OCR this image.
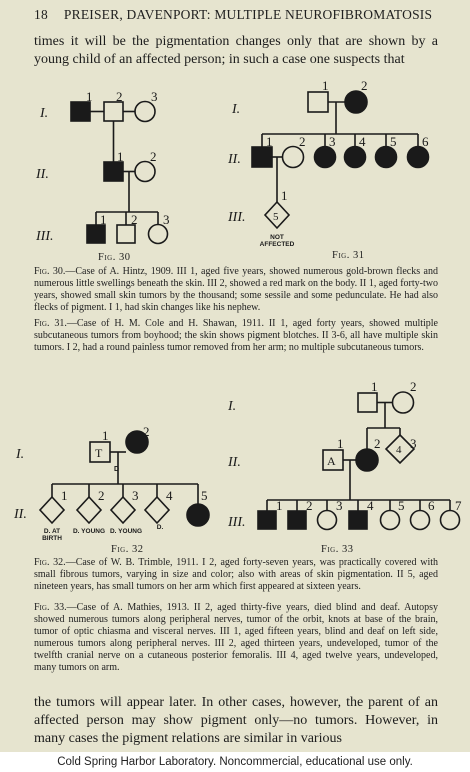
18 PREISER, DAVENPORT: MULTIPLE NEUROFIBROMATOSIS
times it will be the pigmentation changes only that are shown by a young child of an affected person; in such a case one suspects that
I.
II.
III.
1 2 3
1 2
1 2 3
I.
II.
III.
1	2
1 2 3 4 5 6
1
5
NOT
AFFECTED
I.
II.
1	2
1 2 3 4 5
T
D
D. AT
BIRTH
D. YOUNG D. YOUNG
D.
I.
II.
III.
1	2
1 2 3
1 2 3 4 5 6 7
A
4
Fig. 30	Fig. 31
Fig. 30.—Case of A. Hintz, 1909. III 1, aged five years, showed numerous gold-brown flecks and numerous little swellings beneath the skin. III 2, showed a red mark on the body. II 1, aged forty-two years, showed small skin tumors by the thousand; some sessile and some pedunculate. He had also flecks of pigment. I 1, had skin changes like his nephew.
Fig. 31.—Case of H. M. Cole and H. Shawan, 1911. II 1, aged forty years, showed multiple subcutaneous tumors from boyhood; the skin shows pigment blotches. II 3-6, all have multiple skin tumors. I 2, had a round painless tumor removed from her arm; no multiple subcutaneous tumors.
Fig. 32	Fig. 33
Fig. 32.—Case of W. B. Trimble, 1911. I 2, aged forty-seven years, was practically covered with small fibrous tumors, varying in size and color; also with areas of skin pigmentation. II 5, aged nineteen years, has small tumors on her arm which first appeared at sixteen years.
Fig. 33.—Case of A. Mathies, 1913. II 2, aged thirty-five years, died blind and deaf. Autopsy showed numerous tumors along peripheral nerves, tumor of the orbit, knots at base of the brain, tumor of optic chiasma and visceral nerves. III 1, aged fifteen years, blind and deaf on left side, numerous tumors along peripheral nerves. III 2, aged thirteen years, undeveloped, tumor of the twelfth cranial nerve on a cutaneous posterior femoralis. III 4, aged twelve years, undeveloped, many tumors on arm.
the tumors will appear later. In other cases, however, the parent of an affected person may show pigment only—no tumors. However, in many cases the pigment relations are similar in various
Cold Spring Harbor Laboratory. Noncommercial, educational use only.
